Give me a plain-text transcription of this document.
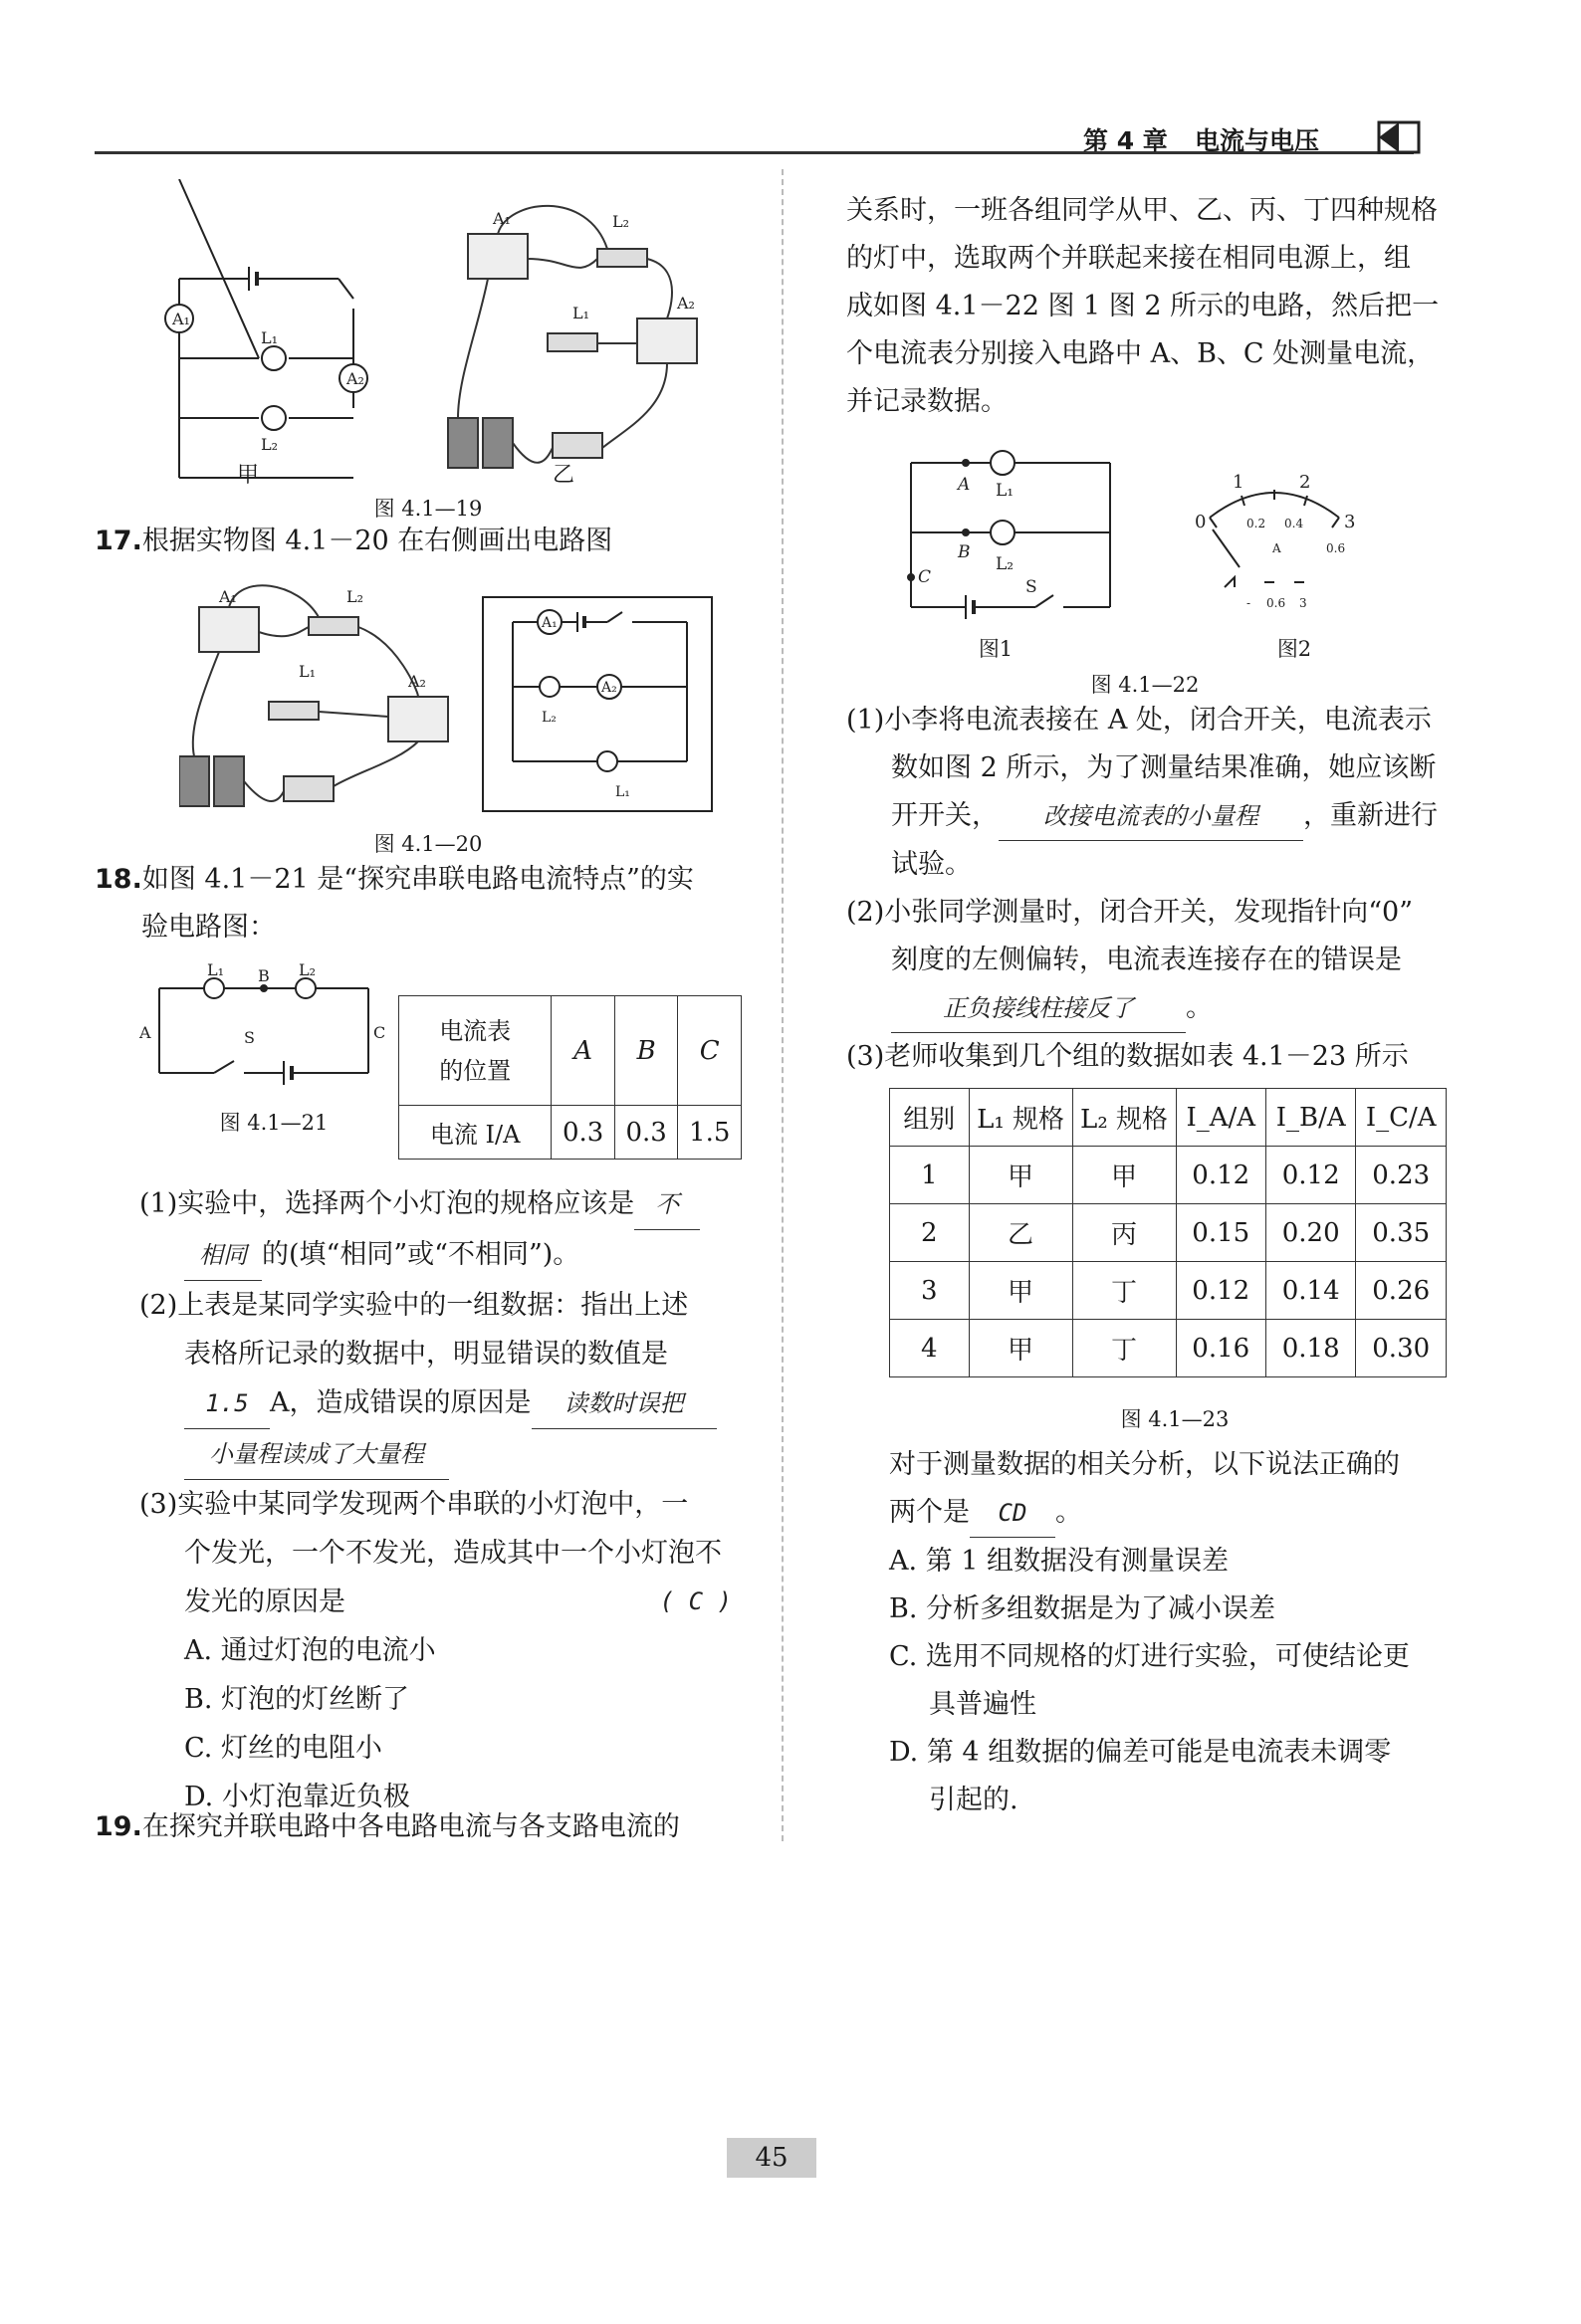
第 4 章 电流与电压
A₁
L₁
L₂
A₂
A₁	L₂
L₁
A₂
甲	乙
图 4.1—19
17.根据实物图 4.1－20 在右侧画出电路图
A₁	L₂
L₁
A₂
A₁
L₂
A₂
L₁
图 4.1—20
18.如图 4.1－21 是“探究串联电路电流特点”的实
验电路图：
L₁ B L₂
A	S	C
图 4.1—21
电流表
的位置	A	B	C
电流 I/A	0.3	0.3	1.5
(1)实验中，选择两个小灯泡的规格应该是 不
相同 的(填“相同”或“不相同”)。
(2)上表是某同学实验中的一组数据：指出上述
表格所记录的数据中，明显错误的数值是
1.5 A，造成错误的原因是 读数时误把
小量程读成了大量程
(3)实验中某同学发现两个串联的小灯泡中，一
个发光，一个不发光，造成其中一个小灯泡不
发光的原因是	( C )
A. 通过灯泡的电流小
B. 灯泡的灯丝断了
C. 灯丝的电阻小
D. 小灯泡靠近负极
19.在探究并联电路中各电路电流与各支路电流的
关系时，一班各组同学从甲、乙、丙、丁四种规格
的灯中，选取两个并联起来接在相同电源上，组
成如图 4.1－22 图 1 图 2 所示的电路，然后把一
个电流表分别接入电路中 A、B、C 处测量电流，
并记录数据。
A L₁
B
L₂
C	S
0
1	2
3
0.2 0.4
0.6
A
- 0.6 3
图1	图2
图 4.1—22
(1)小李将电流表接在 A 处，闭合开关，电流表示
数如图 2 所示，为了测量结果准确，她应该断
开开关， 改接电流表的小量程 ，重新进行
试验。
(2)小张同学测量时，闭合开关，发现指针向“0”
刻度的左侧偏转，电流表连接存在的错误是
正负接线柱接反了 。
(3)老师收集到几个组的数据如表 4.1－23 所示
组别	L₁ 规格	L₂ 规格	I_A/A	I_B/A	I_C/A
1	甲	甲	0.12	0.12	0.23
2	乙	丙	0.15	0.20	0.35
3	甲	丁	0.12	0.14	0.26
4	甲	丁	0.16	0.18	0.30
图 4.1—23
对于测量数据的相关分析，以下说法正确的
两个是 CD 。
A. 第 1 组数据没有测量误差
B. 分析多组数据是为了减小误差
C. 选用不同规格的灯进行实验，可使结论更
具普遍性
D. 第 4 组数据的偏差可能是电流表未调零
引起的.
45
